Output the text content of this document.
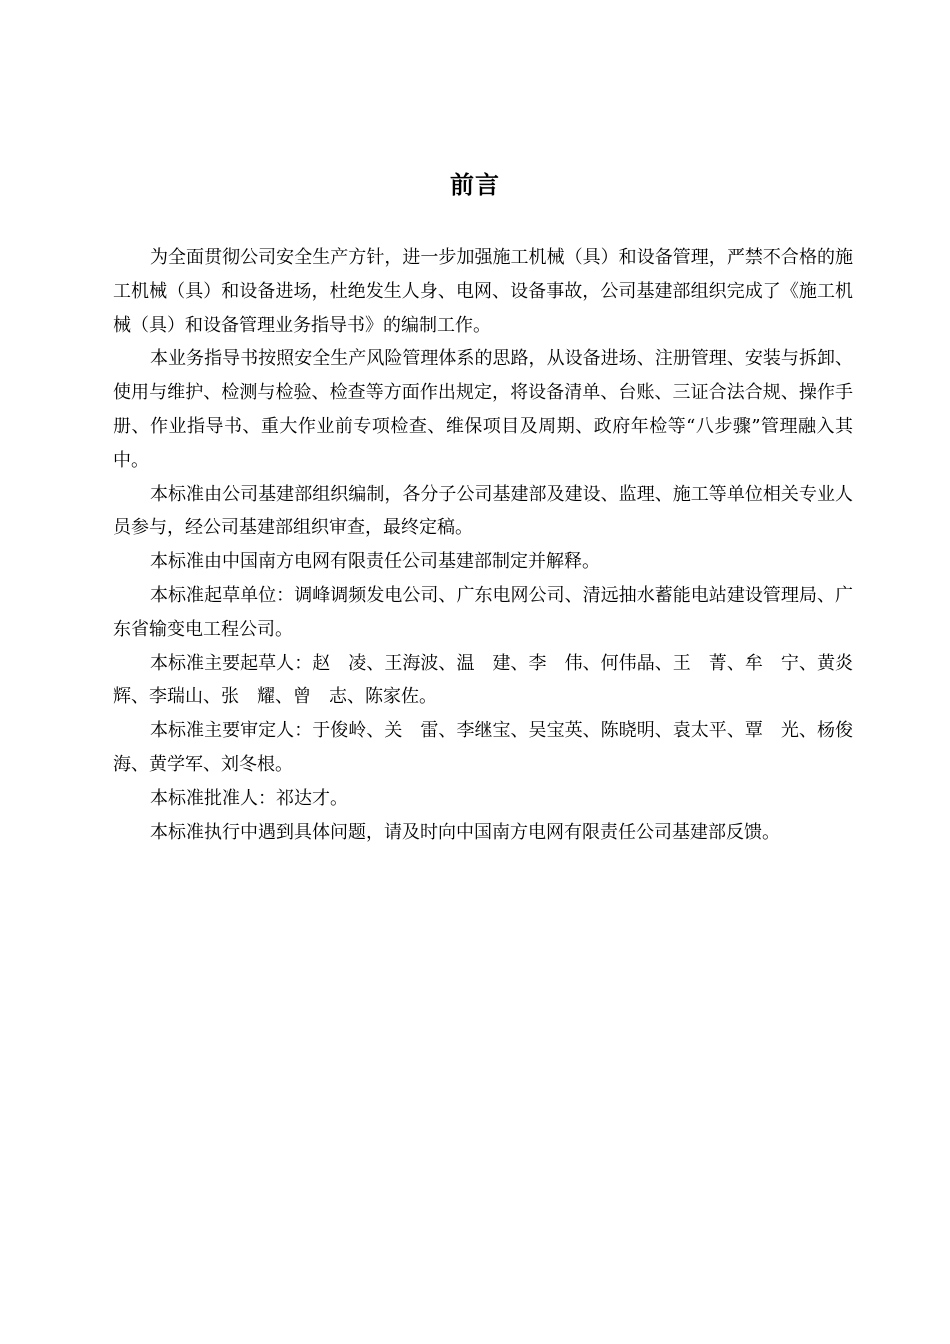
前言

为全面贯彻公司安全生产方针，进一步加强施工机械（具）和设备管理，严禁不合格的施工机械（具）和设备进场，杜绝发生人身、电网、设备事故，公司基建部组织完成了《施工机械（具）和设备管理业务指导书》的编制工作。

本业务指导书按照安全生产风险管理体系的思路，从设备进场、注册管理、安装与拆卸、使用与维护、检测与检验、检查等方面作出规定，将设备清单、台账、三证合法合规、操作手册、作业指导书、重大作业前专项检查、维保项目及周期、政府年检等“八步骤”管理融入其中。

本标准由公司基建部组织编制，各分子公司基建部及建设、监理、施工等单位相关专业人员参与，经公司基建部组织审查，最终定稿。

本标准由中国南方电网有限责任公司基建部制定并解释。

本标准起草单位：调峰调频发电公司、广东电网公司、清远抽水蓄能电站建设管理局、广东省输变电工程公司。

本标准主要起草人：赵　凌、王海波、温　建、李　伟、何伟晶、王　菁、牟　宁、黄炎辉、李瑞山、张　耀、曾　志、陈家佐。

本标准主要审定人：于俊岭、关　雷、李继宝、吴宝英、陈晓明、袁太平、覃　光、杨俊海、黄学军、刘冬根。

本标准批准人：祁达才。

本标准执行中遇到具体问题，请及时向中国南方电网有限责任公司基建部反馈。
